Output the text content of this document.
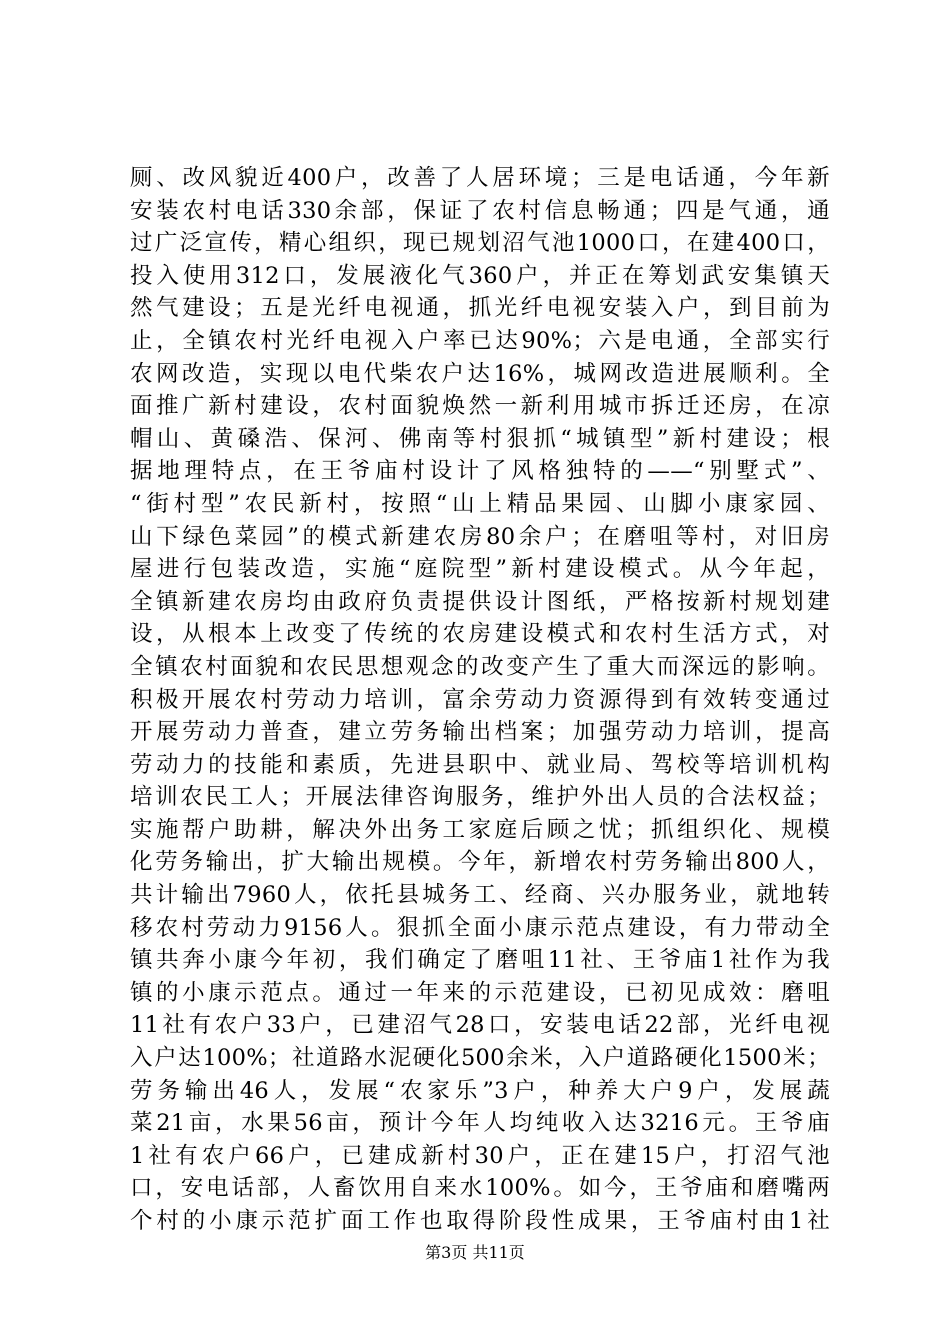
厕、改风貌近400户，改善了人居环境；三是电话通，今年新
安装农村电话330余部，保证了农村信息畅通；四是气通，通
过广泛宣传，精心组织，现已规划沼气池1000口，在建400口，
投入使用312口，发展液化气360户，并正在筹划武安集镇天
然气建设；五是光纤电视通，抓光纤电视安装入户，到目前为
止，全镇农村光纤电视入户率已达90%；六是电通，全部实行
农网改造，实现以电代柴农户达16%，城网改造进展顺利。全
面推广新村建设，农村面貌焕然一新利用城市拆迁还房，在凉
帽山、黄磉浩、保河、佛南等村狠抓“城镇型”新村建设；根
据地理特点，在王爷庙村设计了风格独特的——“别墅式”、
“街村型”农民新村，按照“山上精品果园、山脚小康家园、
山下绿色菜园”的模式新建农房80余户；在磨咀等村，对旧房
屋进行包装改造，实施“庭院型”新村建设模式。从今年起，
全镇新建农房均由政府负责提供设计图纸，严格按新村规划建
设，从根本上改变了传统的农房建设模式和农村生活方式，对
全镇农村面貌和农民思想观念的改变产生了重大而深远的影响。
积极开展农村劳动力培训，富余劳动力资源得到有效转变通过
开展劳动力普查，建立劳务输出档案；加强劳动力培训，提高
劳动力的技能和素质，先进县职中、就业局、驾校等培训机构
培训农民工人；开展法律咨询服务，维护外出人员的合法权益；
实施帮户助耕，解决外出务工家庭后顾之忧；抓组织化、规模
化劳务输出，扩大输出规模。今年，新增农村劳务输出800人，
共计输出7960人，依托县城务工、经商、兴办服务业，就地转
移农村劳动力9156人。狠抓全面小康示范点建设，有力带动全
镇共奔小康今年初，我们确定了磨咀11社、王爷庙1社作为我
镇的小康示范点。通过一年来的示范建设，已初见成效：磨咀
11社有农户33户，已建沼气28口，安装电话22部，光纤电视
入户达100%；社道路水泥硬化500余米，入户道路硬化1500米；
劳务输出46人，发展“农家乐”3户，种养大户9户，发展蔬
菜21亩，水果56亩，预计今年人均纯收入达3216元。王爷庙
1社有农户66户，已建成新村30户，正在建15户，打沼气池
口，安电话部，人畜饮用自来水100%。如今，王爷庙和磨嘴两
个村的小康示范扩面工作也取得阶段性成果，王爷庙村由1社

第3页 共11页
